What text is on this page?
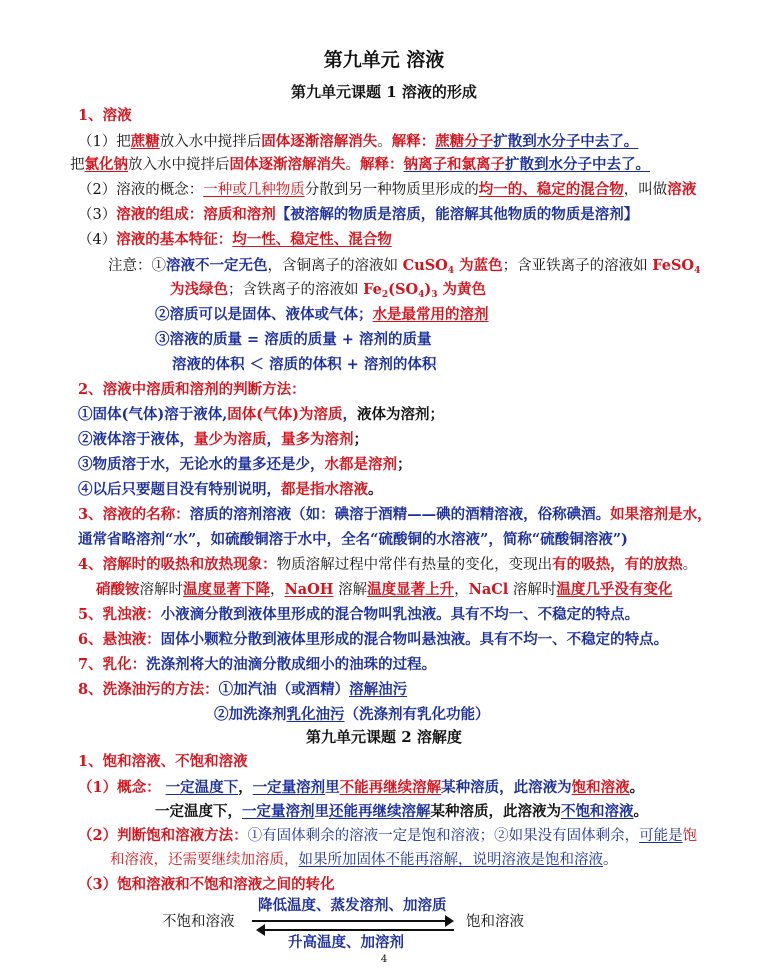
第九单元 溶液
第九单元课题 1 溶液的形成
1、溶液
（1）把蔗糖放入水中搅拌后固体逐渐溶解消失。解释：蔗糖分子扩散到水分子中去了。
把氯化钠放入水中搅拌后固体逐渐溶解消失。解释：钠离子和氯离子扩散到水分子中去了。
（2）溶液的概念：一种或几种物质分散到另一种物质里形成的均一的、稳定的混合物，叫做溶液
（3）溶液的组成：溶质和溶剂【被溶解的物质是溶质，能溶解其他物质的物质是溶剂】
（4）溶液的基本特征：均一性、稳定性、混合物
注意：①溶液不一定无色，含铜离子的溶液如 CuSO$_4$ 为蓝色；含亚铁离子的溶液如 FeSO$_4$
为浅绿色；含铁离子的溶液如 $Fe_2(SO_4)_3$ 为黄色
②溶质可以是固体、液体或气体；水是最常用的溶剂
③溶液的质量 = 溶质的质量 + 溶剂的质量
溶液的体积 ＜ 溶质的体积 + 溶剂的体积
2、溶液中溶质和溶剂的判断方法：
①固体(气体)溶于液体,固体(气体)为溶质，液体为溶剂；
②液体溶于液体，量少为溶质，量多为溶剂；
③物质溶于水，无论水的量多还是少，水都是溶剂；
④以后只要题目没有特别说明，都是指水溶液。
3、溶液的名称：溶质的溶剂溶液（如：碘溶于酒精——碘的酒精溶液，俗称碘酒。如果溶剂是水，
通常省略溶剂“水”，如硫酸铜溶于水中，全名“硫酸铜的水溶液”，简称“硫酸铜溶液”)
4、溶解时的吸热和放热现象：物质溶解过程中常伴有热量的变化，变现出有的吸热，有的放热。
硝酸铵溶解时温度显著下降，NaOH 溶解温度显著上升，NaCl 溶解时温度几乎没有变化
5、乳浊液：小液滴分散到液体里形成的混合物叫乳浊液。具有不均一、不稳定的特点。
6、悬浊液：固体小颗粒分散到液体里形成的混合物叫悬浊液。具有不均一、不稳定的特点。
7、乳化：洗涤剂将大的油滴分散成细小的油珠的过程。
8、洗涤油污的方法：①加汽油（或酒精）溶解油污
②加洗涤剂乳化油污（洗涤剂有乳化功能）
第九单元课题 2 溶解度
1、饱和溶液、不饱和溶液
（1）概念： 一定温度下，一定量溶剂里不能再继续溶解某种溶质，此溶液为饱和溶液。
一定温度下，一定量溶剂里还能再继续溶解某种溶质，此溶液为不饱和溶液。
（2）判断饱和溶液方法：①有固体剩余的溶液一定是饱和溶液；②如果没有固体剩余，可能是饱
和溶液，还需要继续加溶质，如果所加固体不能再溶解，说明溶液是饱和溶液。
（3）饱和溶液和不饱和溶液之间的转化
不饱和溶液
降低温度、蒸发溶剂、加溶质
升高温度、加溶剂
饱和溶液
4
